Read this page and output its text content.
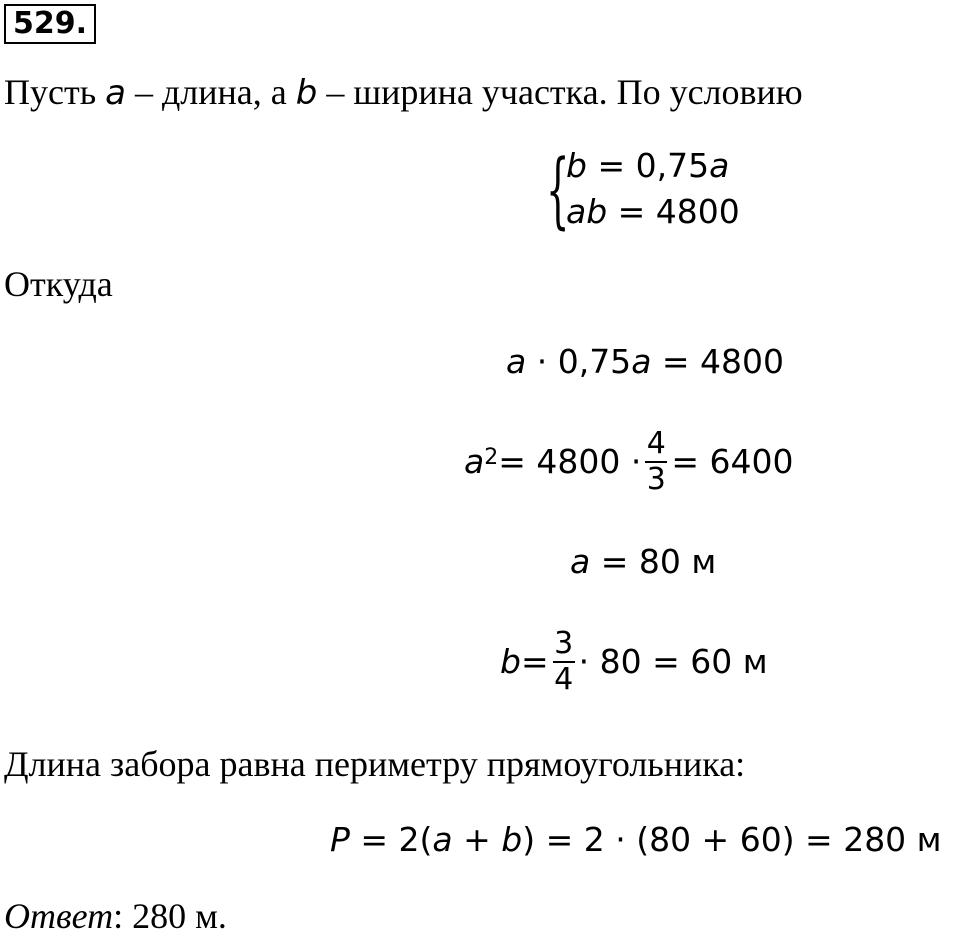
529.
Пусть a – длина, а b – ширина участка. По условию
{
b = 0,75a
ab = 4800
Откуда
a · 0,75a = 4800
$a^2 = 4800 \cdot \frac{4}{3} = 6400$
a = 80 м
$b = \frac{3}{4} \cdot 80 = 60$ м
Длина забора равна периметру прямоугольника:
P = 2(a + b) = 2 · (80 + 60) = 280 м
Ответ: 280 м.
